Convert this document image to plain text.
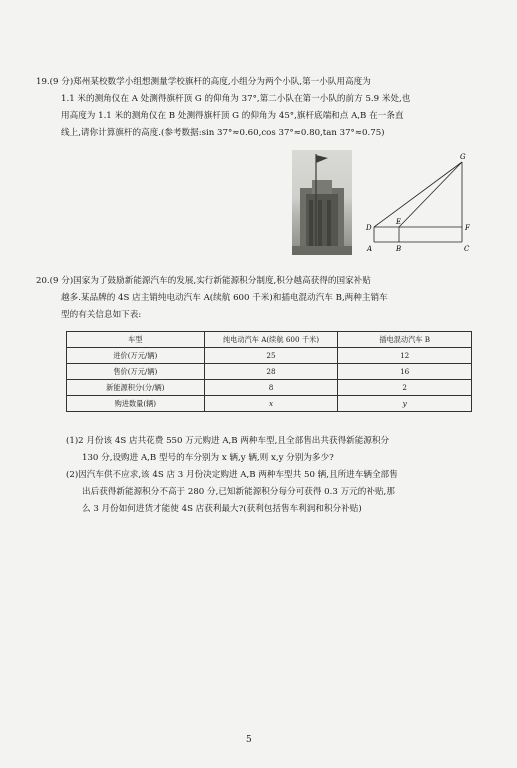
19.(9 分)郑州某校数学小组想测量学校旗杆的高度,小组分为两个小队,第一小队用高度为

1.1 米的测角仪在 A 处测得旗杆顶 G 的仰角为 37°,第二小队在第一小队的前方 5.9 米处,也

用高度为 1.1 米的测角仪在 B 处测得旗杆顶 G 的仰角为 45°,旗杆底端和点 A,B 在一条直

线上,请你计算旗杆的高度.(参考数据:sin 37°≈0.60,cos 37°≈0.80,tan 37°≈0.75)

G
D
E
F
A	B	C

20.(9 分)国家为了鼓励新能源汽车的发展,实行新能源积分制度,积分越高获得的国家补贴

越多.某品牌的 4S 店主销纯电动汽车 A(续航 600 千米)和插电混动汽车 B,两种主销车

型的有关信息如下表:

车型	纯电动汽车 A(续航 600 千米)	插电混动汽车 B
进价(万元/辆)	25	12
售价(万元/辆)	28	16
新能源积分(分/辆)	8	2
购进数量(辆)	x	y

(1)2 月份该 4S 店共花费 550 万元购进 A,B 两种车型,且全部售出共获得新能源积分

130 分,设购进 A,B 型号的车分别为 x 辆,y 辆,则 x,y 分别为多少?

(2)因汽车供不应求,该 4S 店 3 月份决定购进 A,B 两种车型共 50 辆,且所进车辆全部售

出后获得新能源积分不高于 280 分,已知新能源积分每分可获得 0.3 万元的补贴,那

么 3 月份如何进货才能使 4S 店获利最大?(获利包括售车利润和积分补贴)

5
